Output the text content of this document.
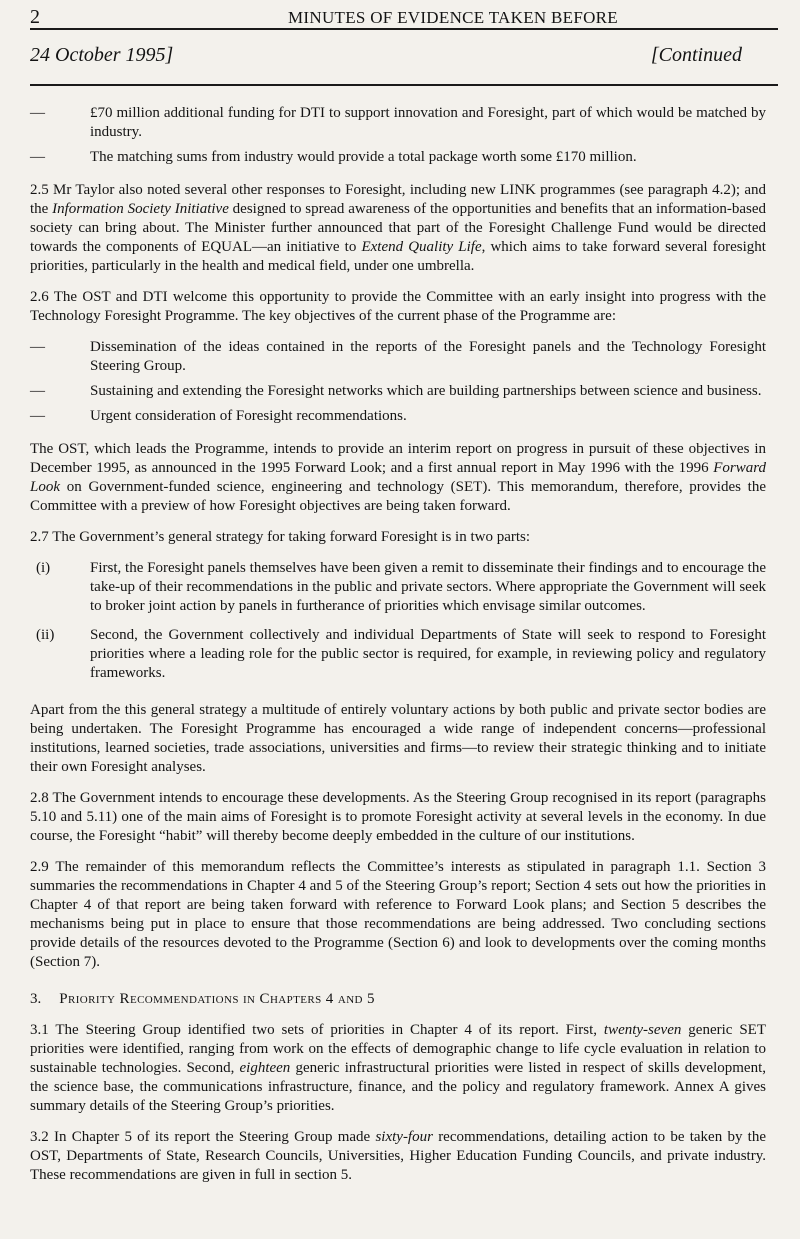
2	MINUTES OF EVIDENCE TAKEN BEFORE
24 October 1995]	[Continued
—	£70 million additional funding for DTI to support innovation and Foresight, part of which would be matched by industry.
—	The matching sums from industry would provide a total package worth some £170 million.

2.5 Mr Taylor also noted several other responses to Foresight, including new LINK programmes (see paragraph 4.2); and the Information Society Initiative designed to spread awareness of the opportunities and benefits that an information-based society can bring about. The Minister further announced that part of the Foresight Challenge Fund would be directed towards the components of EQUAL—an initiative to Extend Quality Life, which aims to take forward several foresight priorities, particularly in the health and medical field, under one umbrella.

2.6 The OST and DTI welcome this opportunity to provide the Committee with an early insight into progress with the Technology Foresight Programme. The key objectives of the current phase of the Programme are:

—	Dissemination of the ideas contained in the reports of the Foresight panels and the Technology Foresight Steering Group.
—	Sustaining and extending the Foresight networks which are building partnerships between science and business.
—	Urgent consideration of Foresight recommendations.

The OST, which leads the Programme, intends to provide an interim report on progress in pursuit of these objectives in December 1995, as announced in the 1995 Forward Look; and a first annual report in May 1996 with the 1996 Forward Look on Government-funded science, engineering and technology (SET). This memorandum, therefore, provides the Committee with a preview of how Foresight objectives are being taken forward.

2.7 The Government’s general strategy for taking forward Foresight is in two parts:

(i)	First, the Foresight panels themselves have been given a remit to disseminate their findings and to encourage the take-up of their recommendations in the public and private sectors. Where appropriate the Government will seek to broker joint action by panels in furtherance of priorities which envisage similar outcomes.
(ii) Second, the Government collectively and individual Departments of State will seek to respond to Foresight priorities where a leading role for the public sector is required, for example, in reviewing policy and regulatory frameworks.

Apart from the this general strategy a multitude of entirely voluntary actions by both public and private sector bodies are being undertaken. The Foresight Programme has encouraged a wide range of independent concerns—professional institutions, learned societies, trade associations, universities and firms—to review their strategic thinking and to initiate their own Foresight analyses.

2.8 The Government intends to encourage these developments. As the Steering Group recognised in its report (paragraphs 5.10 and 5.11) one of the main aims of Foresight is to promote Foresight activity at several levels in the economy. In due course, the Foresight “habit” will thereby become deeply embedded in the culture of our institutions.

2.9 The remainder of this memorandum reflects the Committee’s interests as stipulated in paragraph 1.1. Section 3 summaries the recommendations in Chapter 4 and 5 of the Steering Group’s report; Section 4 sets out how the priorities in Chapter 4 of that report are being taken forward with reference to Forward Look plans; and Section 5 describes the mechanisms being put in place to ensure that those recommendations are being addressed. Two concluding sections provide details of the resources devoted to the Programme (Section 6) and look to developments over the coming months (Section 7).

3. Priority Recommendations in Chapters 4 and 5

3.1 The Steering Group identified two sets of priorities in Chapter 4 of its report. First, twenty-seven generic SET priorities were identified, ranging from work on the effects of demographic change to life cycle evaluation in relation to sustainable technologies. Second, eighteen generic infrastructural priorities were listed in respect of skills development, the science base, the communications infrastructure, finance, and the policy and regulatory framework. Annex A gives summary details of the Steering Group’s priorities.

3.2 In Chapter 5 of its report the Steering Group made sixty-four recommendations, detailing action to be taken by the OST, Departments of State, Research Councils, Universities, Higher Education Funding Councils, and private industry. These recommendations are given in full in section 5.
